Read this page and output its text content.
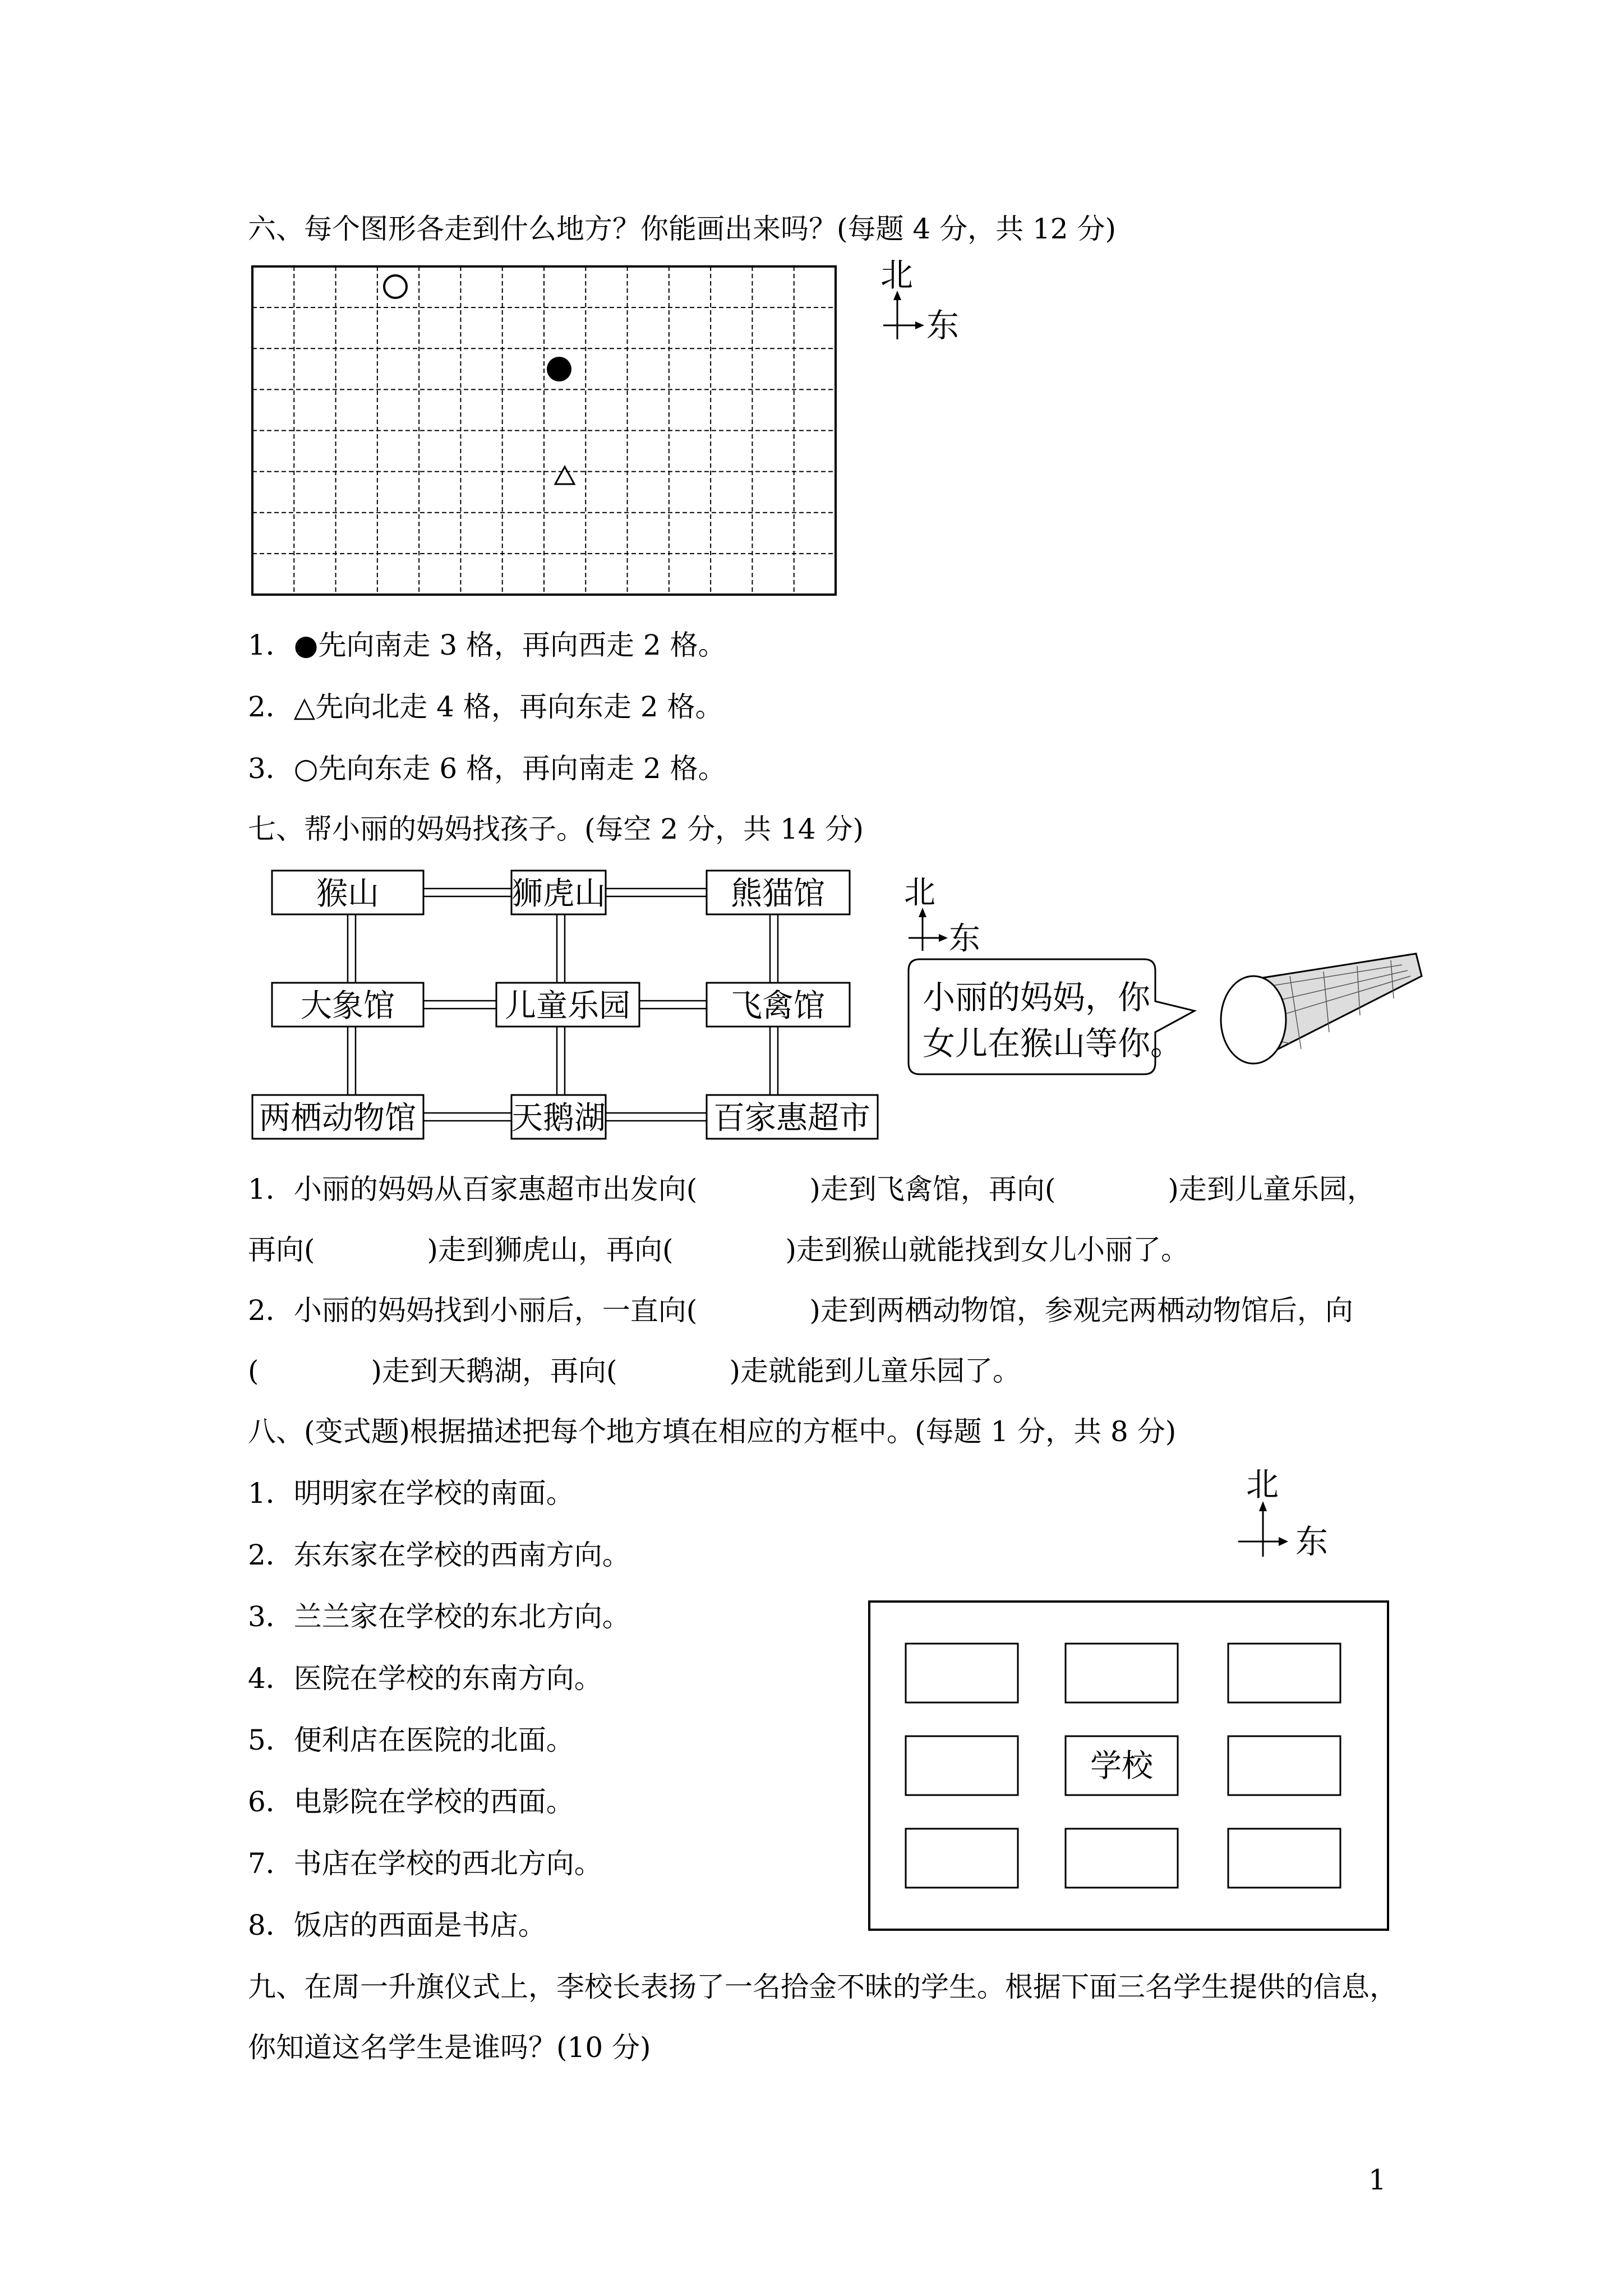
六、每个图形各走到什么地方？你能画出来吗？(每题 4 分，共 12 分)
北
东
1．●先向南走 3 格，再向西走 2 格。
2．△先向北走 4 格，再向东走 2 格。
3．○先向东走 6 格，再向南走 2 格。
七、帮小丽的妈妈找孩子。(每空 2 分，共 14 分)
猴山	狮虎山	熊猫馆
大象馆	儿童乐园	飞禽馆
两栖动物馆	天鹅湖	百家惠超市
北
东
小丽的妈妈，你
女儿在猴山等你。
1．小丽的妈妈从百家惠超市出发向(　　　　)走到飞禽馆，再向(　　　　)走到儿童乐园，
再向(　　　　)走到狮虎山，再向(　　　　)走到猴山就能找到女儿小丽了。
2．小丽的妈妈找到小丽后，一直向(　　　　)走到两栖动物馆，参观完两栖动物馆后，向
(　　　　)走到天鹅湖，再向(　　　　)走就能到儿童乐园了。
八、(变式题)根据描述把每个地方填在相应的方框中。(每题 1 分，共 8 分)
1．明明家在学校的南面。
2．东东家在学校的西南方向。
3．兰兰家在学校的东北方向。
4．医院在学校的东南方向。
5．便利店在医院的北面。
6．电影院在学校的西面。
7．书店在学校的西北方向。
8．饭店的西面是书店。
北
东
学校
九、在周一升旗仪式上，李校长表扬了一名拾金不昧的学生。根据下面三名学生提供的信息，
你知道这名学生是谁吗？(10 分)
1
